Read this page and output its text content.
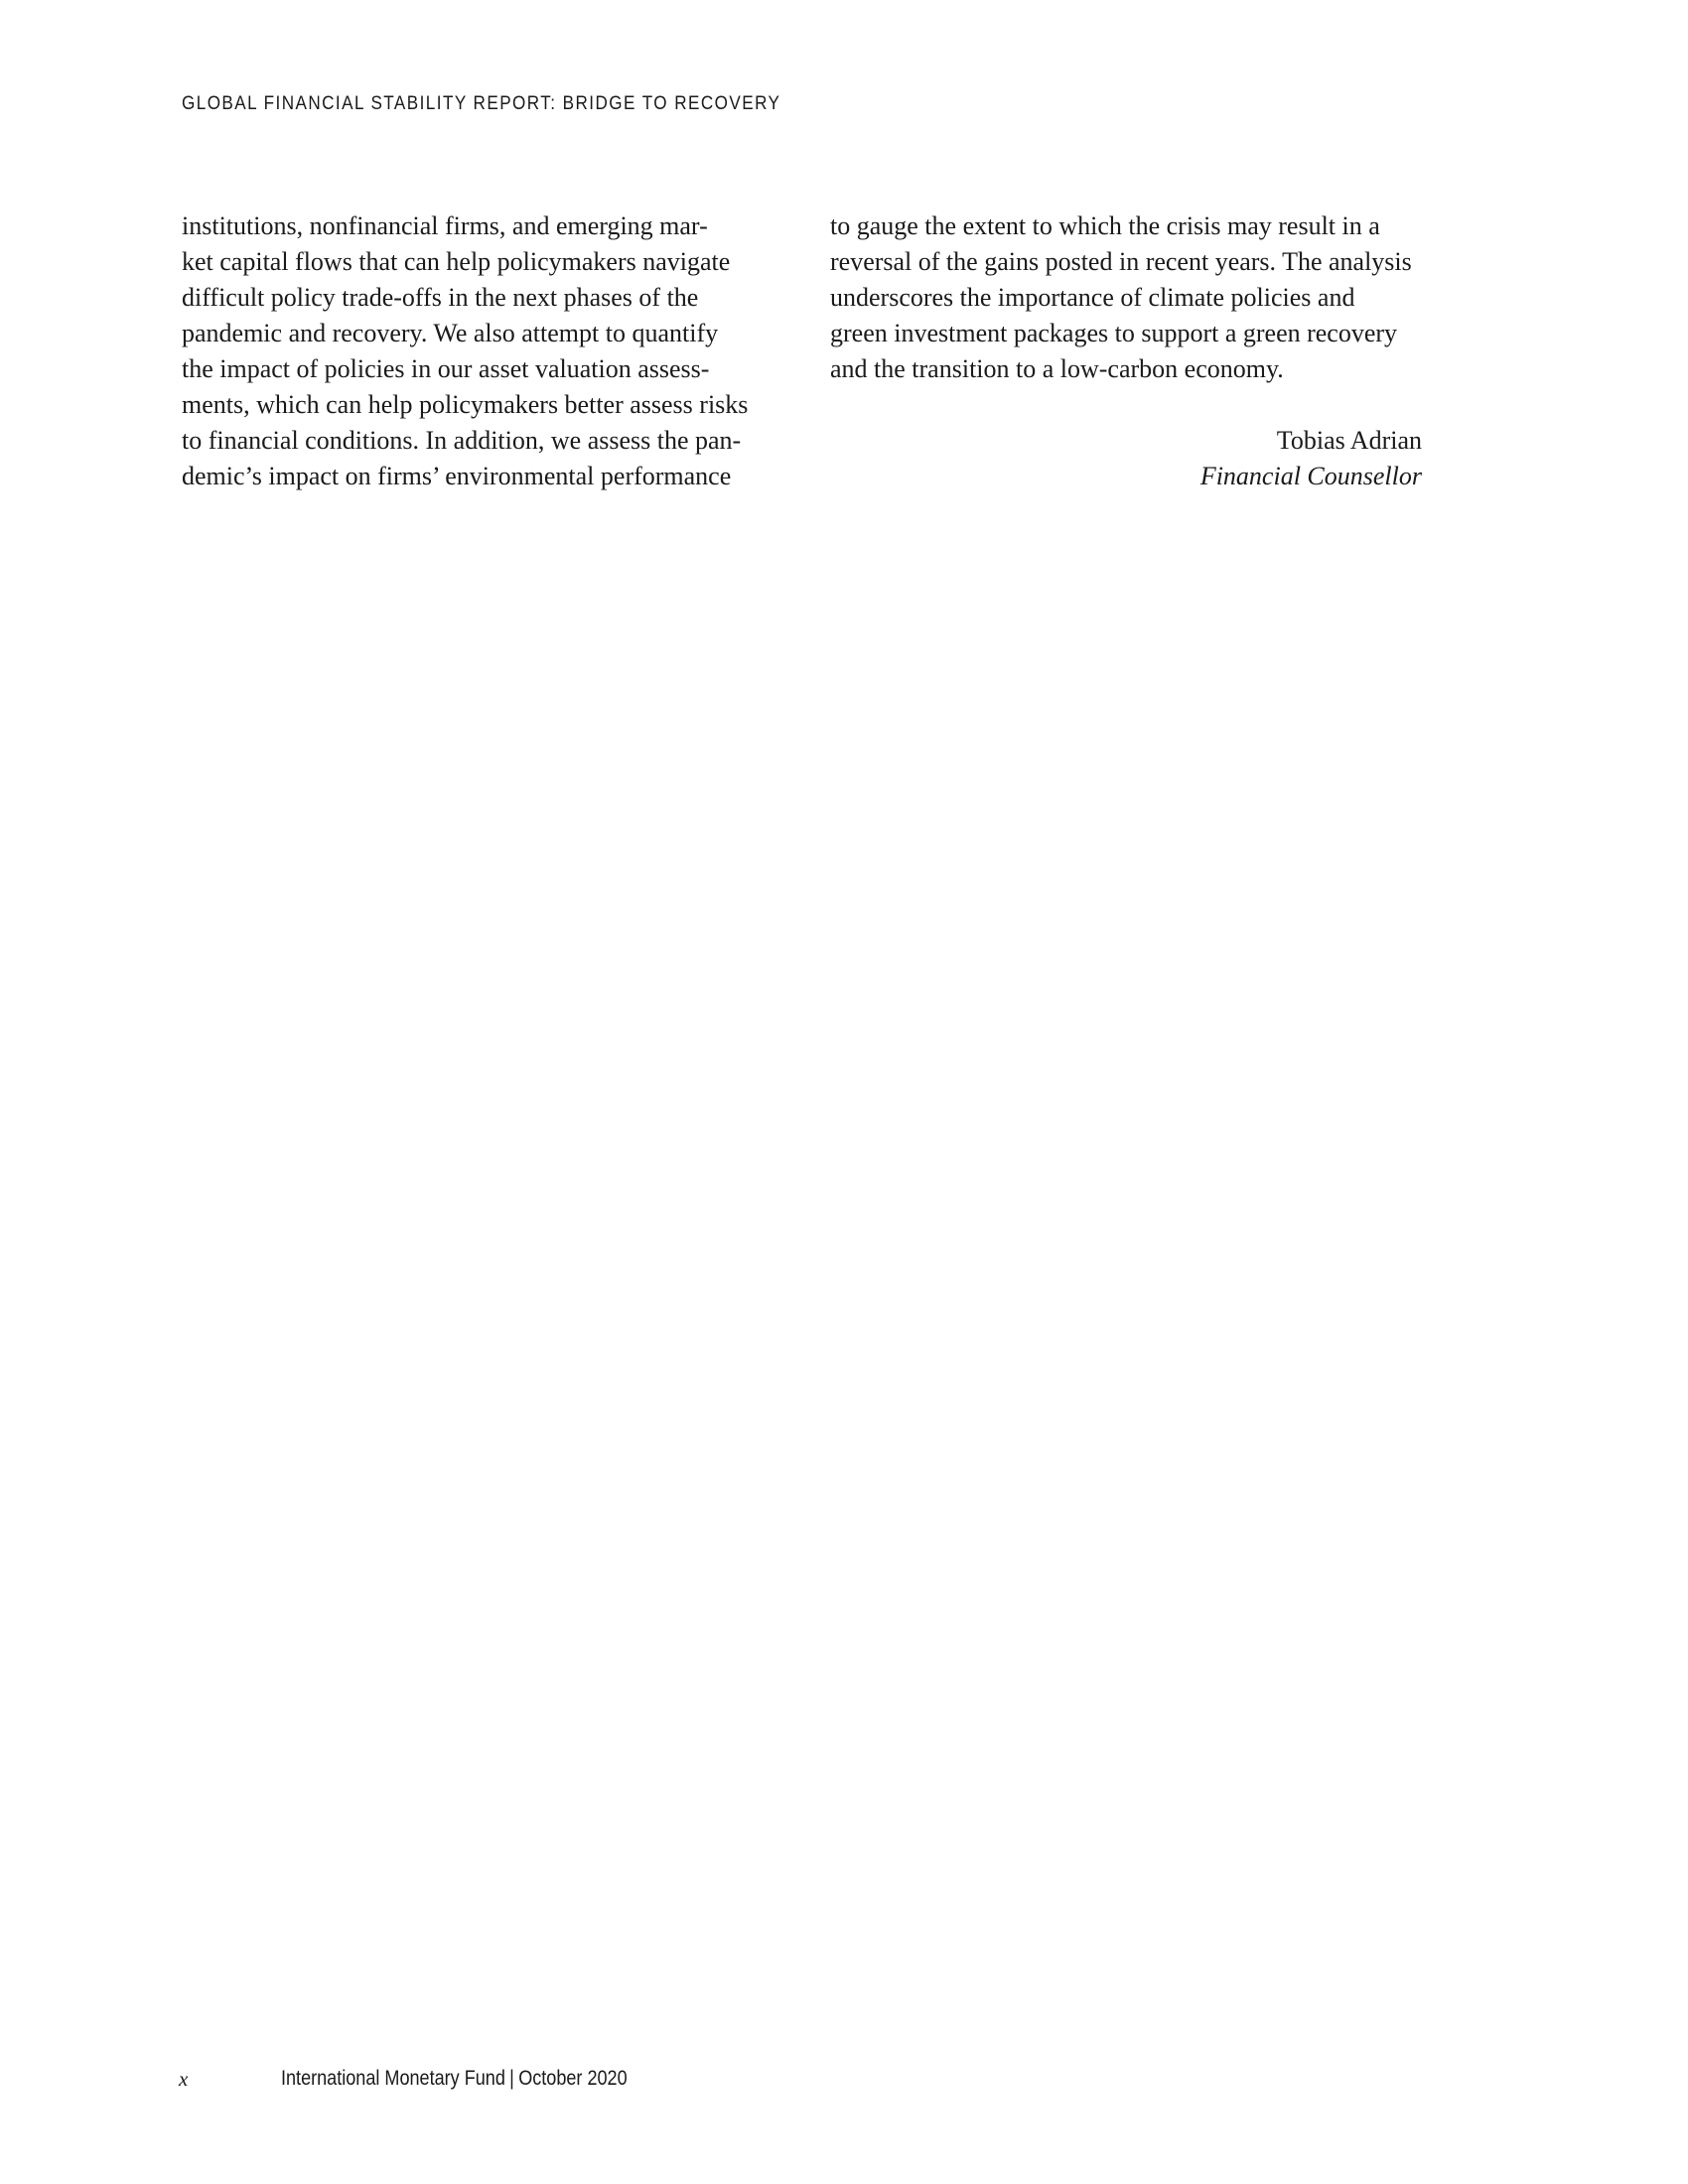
GLOBAL FINANCIAL STABILITY REPORT: BRIDGE TO RECOVERY
institutions, nonfinancial firms, and emerging mar-
ket capital flows that can help policymakers navigate
difficult policy trade-offs in the next phases of the
pandemic and recovery. We also attempt to quantify
the impact of policies in our asset valuation assess-
ments, which can help policymakers better assess risks
to financial conditions. In addition, we assess the pan-
demic’s impact on firms’ environmental performance
to gauge the extent to which the crisis may result in a
reversal of the gains posted in recent years. The analysis
underscores the importance of climate policies and
green investment packages to support a green recovery
and the transition to a low-carbon economy.
Tobias Adrian
Financial Counsellor
x	International Monetary Fund | October 2020
